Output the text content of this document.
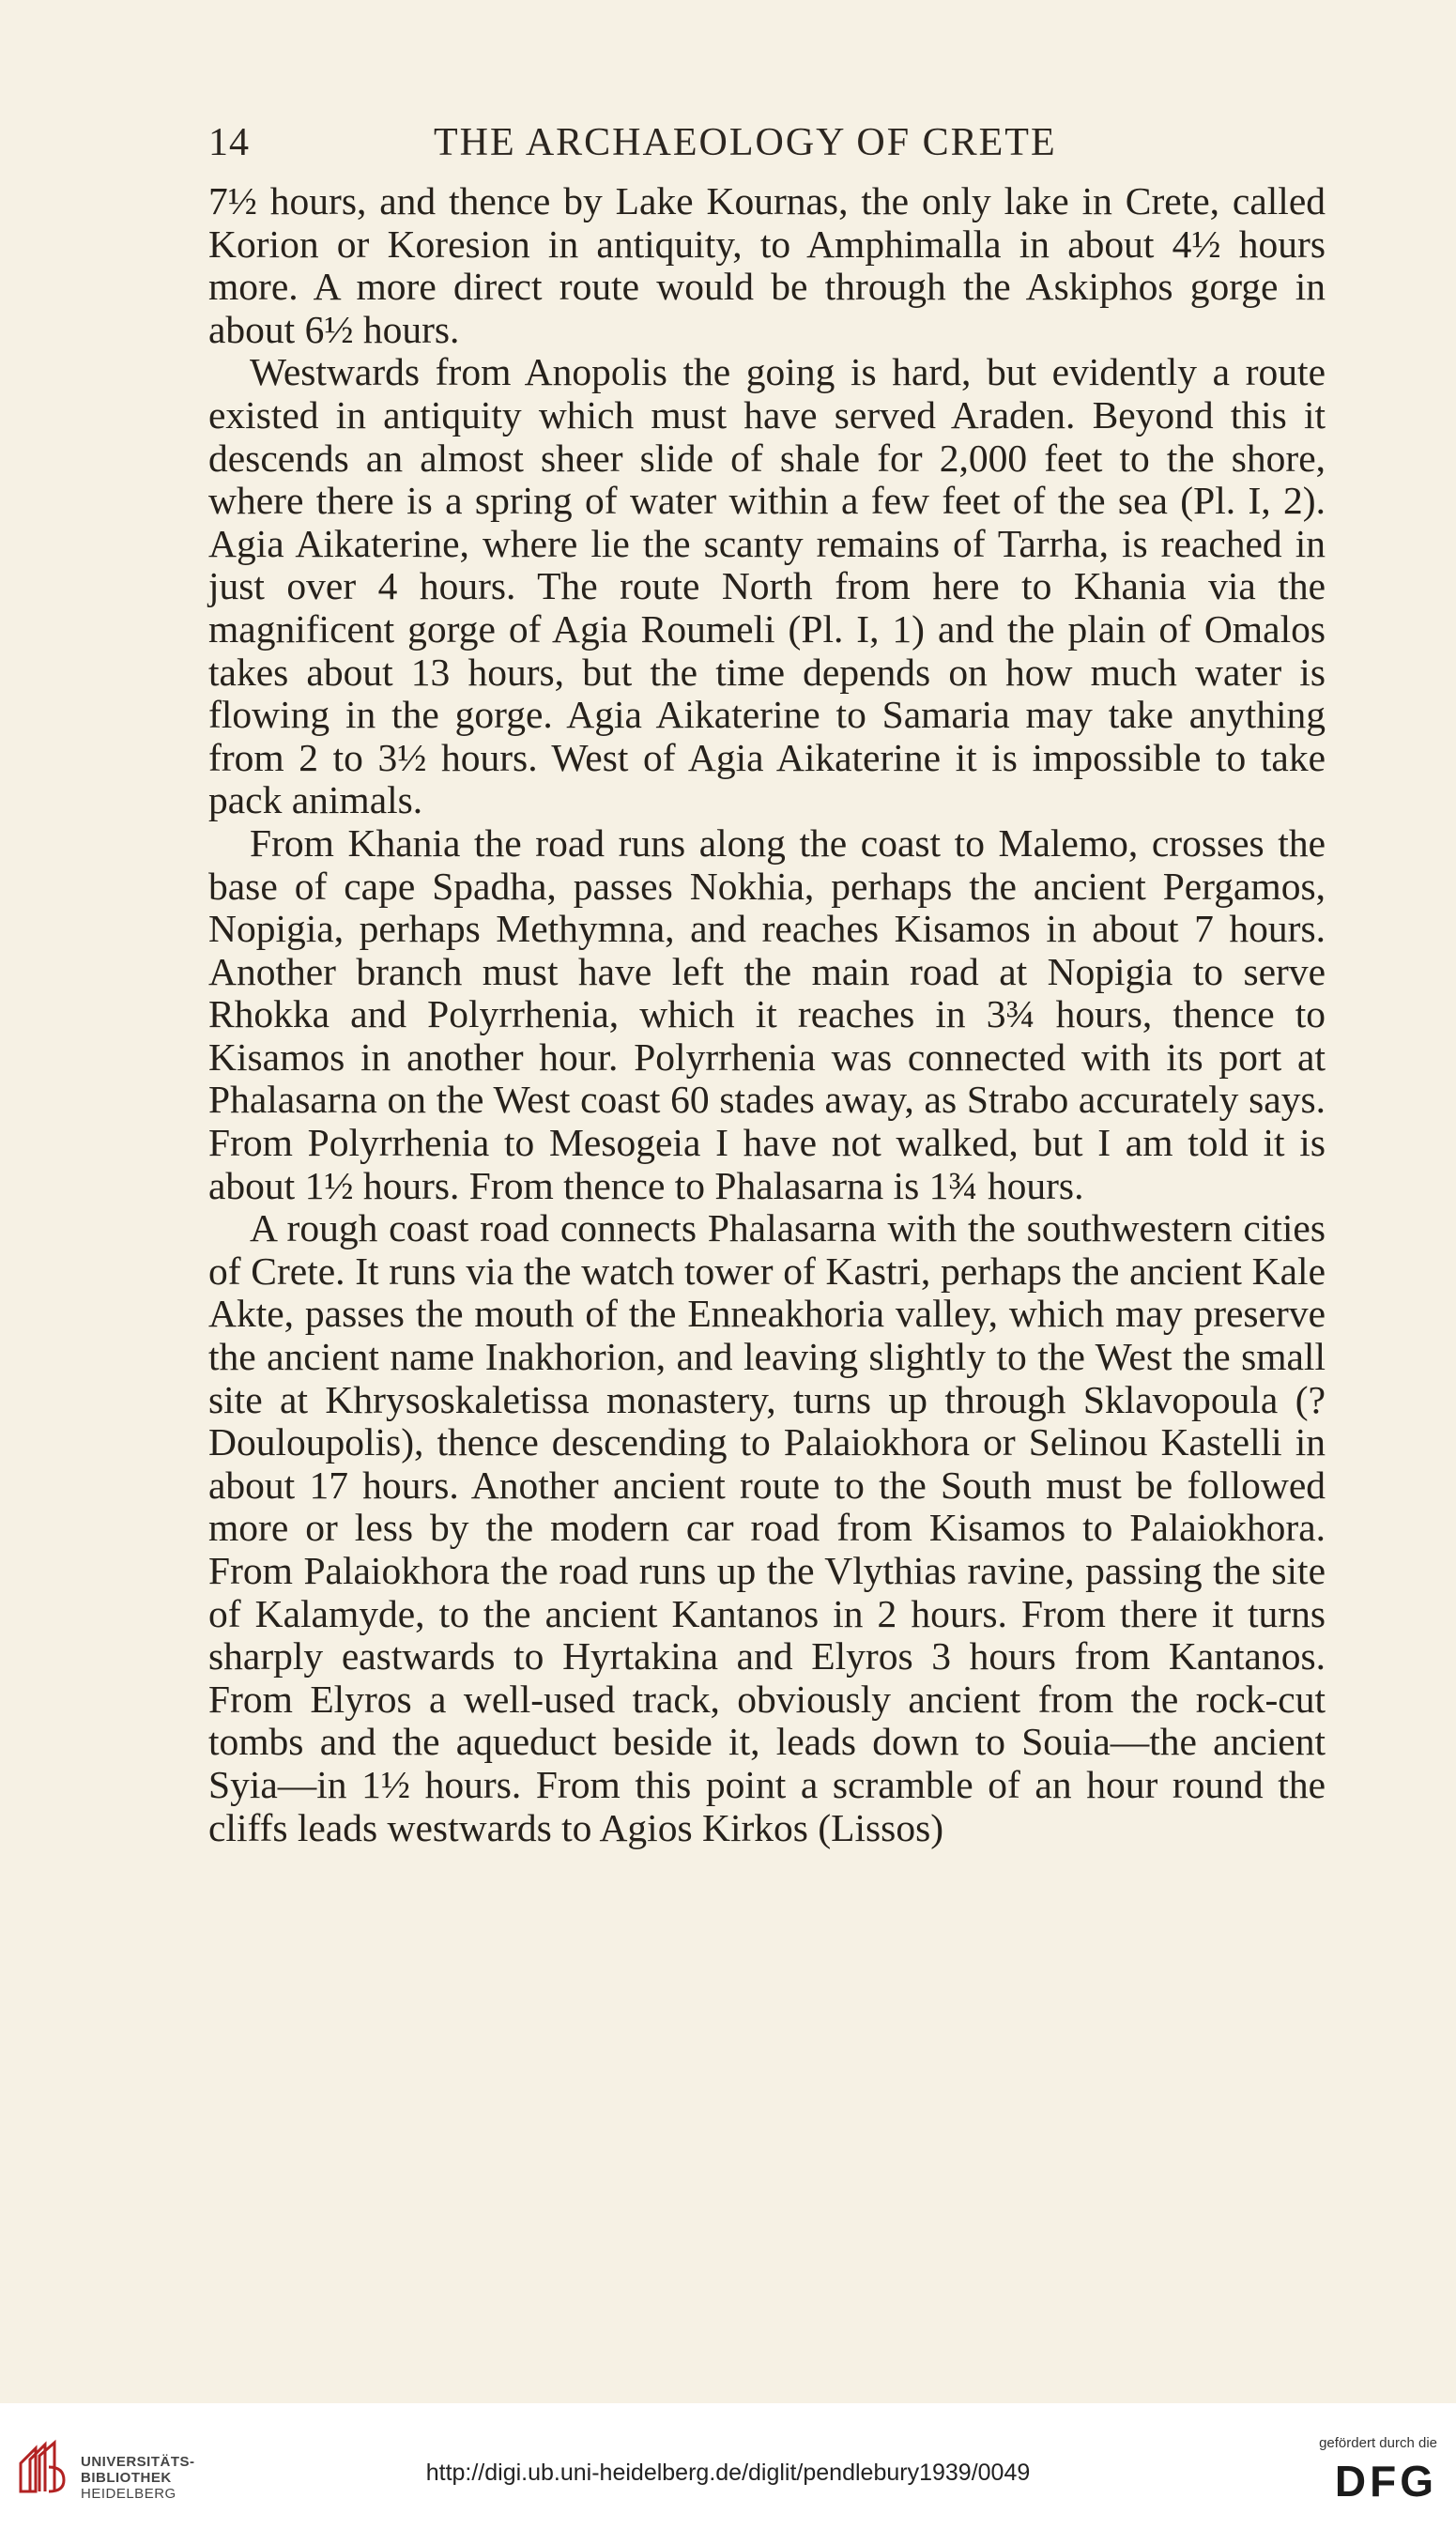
14	THE ARCHAEOLOGY OF CRETE

7½ hours, and thence by Lake Kournas, the only lake in Crete, called Korion or Koresion in antiquity, to Amphimalla in about 4½ hours more. A more direct route would be through the Askiphos gorge in about 6½ hours.

Westwards from Anopolis the going is hard, but evidently a route existed in antiquity which must have served Araden. Beyond this it descends an almost sheer slide of shale for 2,000 feet to the shore, where there is a spring of water within a few feet of the sea (Pl. I, 2). Agia Aikaterine, where lie the scanty remains of Tarrha, is reached in just over 4 hours. The route North from here to Khania via the magnificent gorge of Agia Roumeli (Pl. I, 1) and the plain of Omalos takes about 13 hours, but the time depends on how much water is flowing in the gorge. Agia Aikaterine to Samaria may take anything from 2 to 3½ hours. West of Agia Aikaterine it is impossible to take pack animals.

From Khania the road runs along the coast to Malemo, crosses the base of cape Spadha, passes Nokhia, perhaps the ancient Pergamos, Nopigia, perhaps Methymna, and reaches Kisamos in about 7 hours. Another branch must have left the main road at Nopigia to serve Rhokka and Polyrrhenia, which it reaches in 3¾ hours, thence to Kisamos in another hour. Polyrrhenia was connected with its port at Phalasarna on the West coast 60 stades away, as Strabo accurately says. From Polyrrhenia to Mesogeia I have not walked, but I am told it is about 1½ hours. From thence to Phalasarna is 1¾ hours.

A rough coast road connects Phalasarna with the southwestern cities of Crete. It runs via the watch tower of Kastri, perhaps the ancient Kale Akte, passes the mouth of the Enneakhoria valley, which may preserve the ancient name Inakhorion, and leaving slightly to the West the small site at Khrysoskaletissa monastery, turns up through Sklavopoula (? Douloupolis), thence descending to Palaiokhora or Selinou Kastelli in about 17 hours. Another ancient route to the South must be followed more or less by the modern car road from Kisamos to Palaiokhora. From Palaiokhora the road runs up the Vlythias ravine, passing the site of Kalamyde, to the ancient Kantanos in 2 hours. From there it turns sharply eastwards to Hyrtakina and Elyros 3 hours from Kantanos. From Elyros a well-used track, obviously ancient from the rock-cut tombs and the aqueduct beside it, leads down to Souia—the ancient Syia—in 1½ hours. From this point a scramble of an hour round the cliffs leads westwards to Agios Kirkos (Lissos)

UNIVERSITÄTS-
BIBLIOTHEK
HEIDELBERG
http://digi.ub.uni-heidelberg.de/diglit/pendlebury1939/0049
gefördert durch die
DFG
